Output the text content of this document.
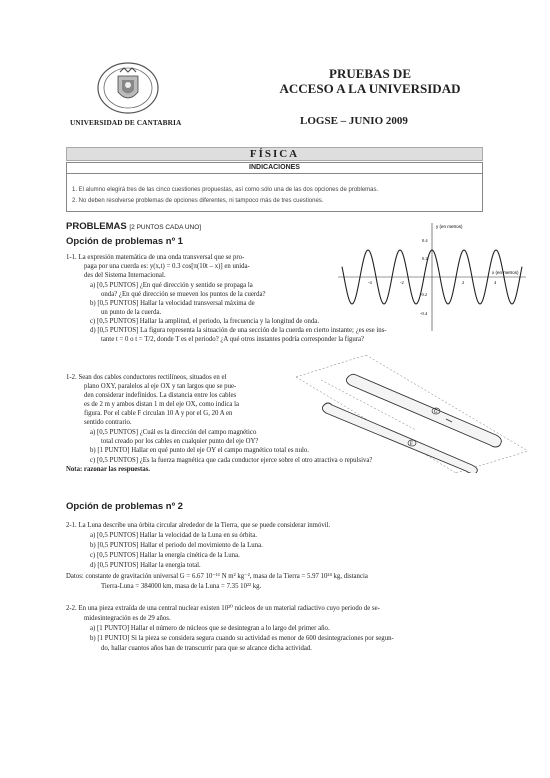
UNIVERSIDAD DE CANTABRIA
PRUEBAS DE
ACCESO A LA UNIVERSIDAD
LOGSE – JUNIO 2009
FÍSICA
INDICACIONES
1. El alumno elegirá tres de las cinco cuestiones propuestas, así como sólo una de las dos opciones de problemas.
2. No deben resolverse problemas de opciones diferentes, ni tampoco más de tres cuestiones.
PROBLEMAS [2 PUNTOS CADA UNO]
Opción de problemas nº 1
1-1. La expresión matemática de una onda transversal que se pro-
paga por una cuerda es: y(x,t) = 0.3 cos[π(10t – x)] en unida-
des del Sistema Internacional.
a) [0,5 PUNTOS] ¿En qué dirección y sentido se propaga la
onda? ¿En qué dirección se mueven los puntos de la cuerda?
b) [0,5 PUNTOS] Hallar la velocidad transversal máxima de
un punto de la cuerda.
c) [0,5 PUNTOS] Hallar la amplitud, el periodo, la frecuencia y la longitud de onda.
d) [0,5 PUNTOS] La figura representa la situación de una sección de la cuerda en cierto instante; ¿es ese ins-
tante t = 0 o t = T/2, donde T es el periodo? ¿A qué otros instantes podría corresponder la figura?
y (en metros)
x (en metros)
0.4
0.2
-0.2
-0.4
-4	-2	2	4
1-2. Sean dos cables conductores rectilíneos, situados en el
plano OXY, paralelos al eje OX y tan largos que se pue-
den considerar indefinidos. La distancia entre los cables
es de 2 m y ambos distan 1 m del eje OX, como indica la
figura. Por el cable F circulan 10 A y por el G, 20 A en
sentido contrario.
a) [0,5 PUNTOS] ¿Cuál es la dirección del campo magnético
total creado por los cables en cualquier punto del eje OY?
b) [1 PUNTO] Hallar en qué punto del eje OY el campo magnético total es nulo.
c) [0,5 PUNTOS] ¿Es la fuerza magnética que cada conductor ejerce sobre el otro atractiva o repulsiva?
Nota: razonar las respuestas.
G
F
Opción de problemas nº 2
2-1. La Luna describe una órbita circular alrededor de la Tierra, que se puede considerar inmóvil.
a) [0,5 PUNTOS] Hallar la velocidad de la Luna en su órbita.
b) [0,5 PUNTOS] Hallar el periodo del movimiento de la Luna.
c) [0,5 PUNTOS] Hallar la energía cinética de la Luna.
d) [0,5 PUNTOS] Hallar la energía total.
Datos: constante de gravitación universal G = 6.67 10⁻¹¹ N m² kg⁻², masa de la Tierra = 5.97 10²⁴ kg, distancia
Tierra-Luna = 384000 km, masa de la Luna = 7.35 10²² kg.
2-2. En una pieza extraída de una central nuclear existen 10²⁰ núcleos de un material radiactivo cuyo periodo de se-
midesintegración es de 29 años.
a) [1 PUNTO] Hallar el número de núcleos que se desintegran a lo largo del primer año.
b) [1 PUNTO] Si la pieza se considera segura cuando su actividad es menor de 600 desintegraciones por segun-
do, hallar cuantos años han de transcurrir para que se alcance dicha actividad.
